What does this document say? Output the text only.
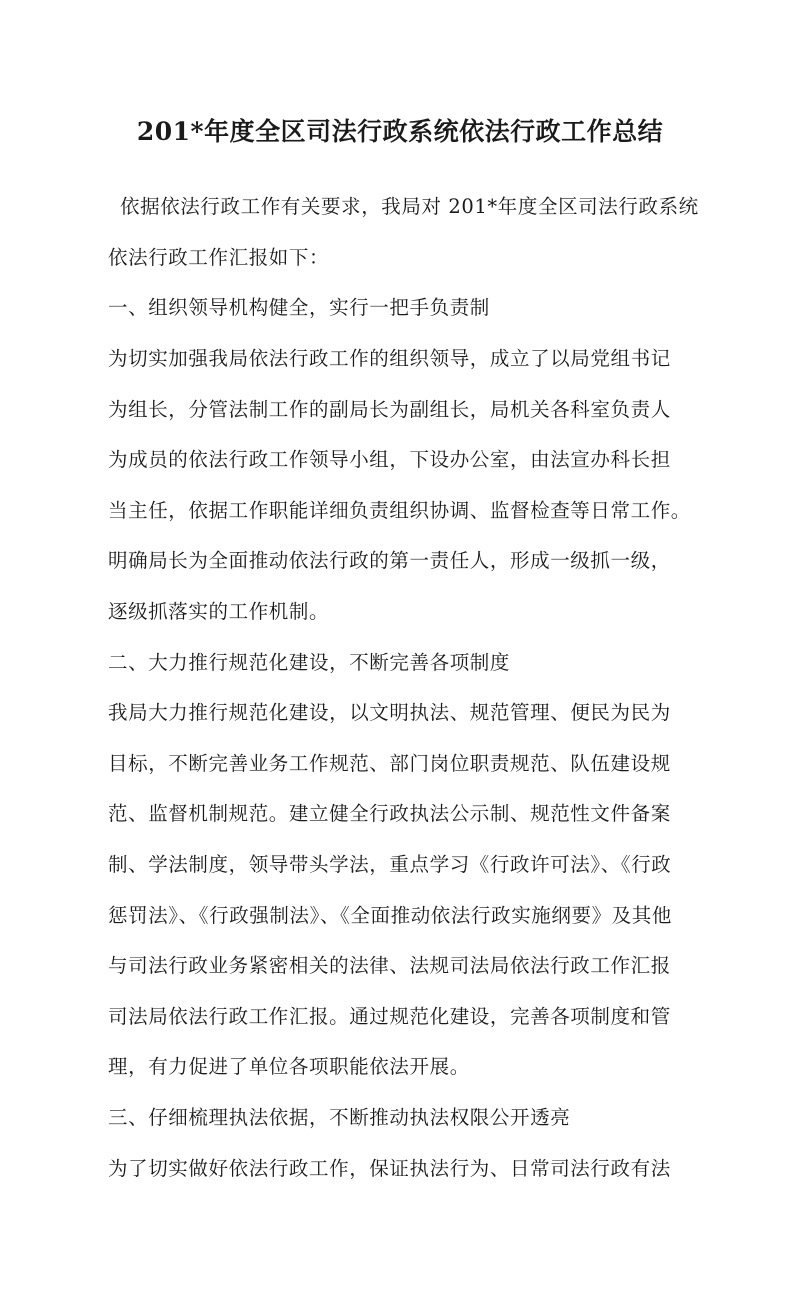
201*年度全区司法行政系统依法行政工作总结
依据依法行政工作有关要求，我局对 201*年度全区司法行政系统
依法行政工作汇报如下：
一、组织领导机构健全，实行一把手负责制
为切实加强我局依法行政工作的组织领导，成立了以局党组书记
为组长，分管法制工作的副局长为副组长，局机关各科室负责人
为成员的依法行政工作领导小组，下设办公室，由法宣办科长担
当主任，依据工作职能详细负责组织协调、监督检查等日常工作。
明确局长为全面推动依法行政的第一责任人，形成一级抓一级，
逐级抓落实的工作机制。
二、大力推行规范化建设，不断完善各项制度
我局大力推行规范化建设，以文明执法、规范管理、便民为民为
目标，不断完善业务工作规范、部门岗位职责规范、队伍建设规
范、监督机制规范。建立健全行政执法公示制、规范性文件备案
制、学法制度，领导带头学法，重点学习《行政许可法》、《行政
惩罚法》、《行政强制法》、《全面推动依法行政实施纲要》及其他
与司法行政业务紧密相关的法律、法规司法局依法行政工作汇报
司法局依法行政工作汇报。通过规范化建设，完善各项制度和管
理，有力促进了单位各项职能依法开展。
三、仔细梳理执法依据，不断推动执法权限公开透亮
为了切实做好依法行政工作，保证执法行为、日常司法行政有法
